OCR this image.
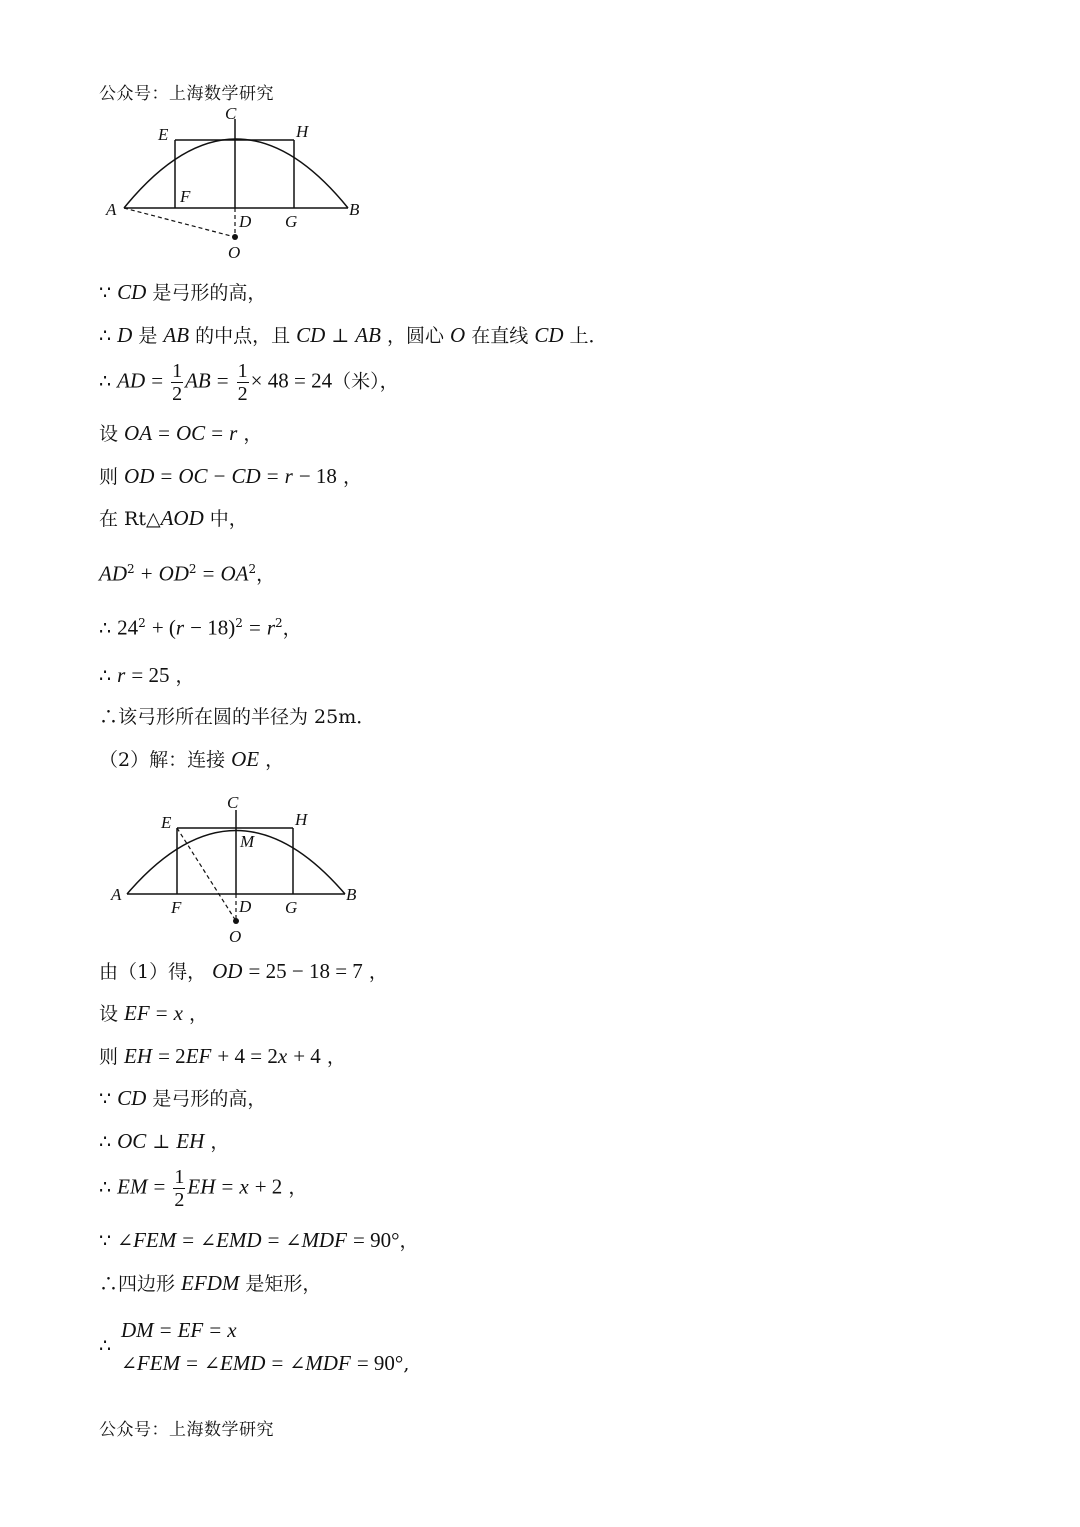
公众号：上海数学研究
A	B
C
E	H
F
D G
O
∵ CD 是弓形的高，
∴ D 是 AB 的中点，且 CD ⊥ AB ，圆心 O 在直线 CD 上．
∴ AD = $\frac{1}{2}$ AB = $\frac{1}{2} \times 48 = 24$（米），
设 OA = OC = r ，
则 OD = OC − CD = r − 18 ，
在 Rt△AOD 中，
$AD^2 + OD^2 = OA^2$，
∴ $24^2 + (r - 18)^2 = r^2$，
∴ r = 25 ，
∴该弓形所在圆的半径为 25m．
（2）解：连接 OE ，
A	B
C
E	H
M
F	D G
O
由（1）得， OD = 25 − 18 = 7 ，
设 EF = x ，
则 EH = 2EF + 4 = 2x + 4 ，
∵ CD 是弓形的高，
∴ OC ⊥ EH ，
∴ EM = $\frac{1}{2}$ EH = x + 2 ，
∵ ∠FEM = ∠EMD = ∠MDF = 90°，
∴四边形 EFDM 是矩形，
∴
DM = EF = x
∠FEM = ∠EMD = ∠MDF = 90°,
公众号：上海数学研究
